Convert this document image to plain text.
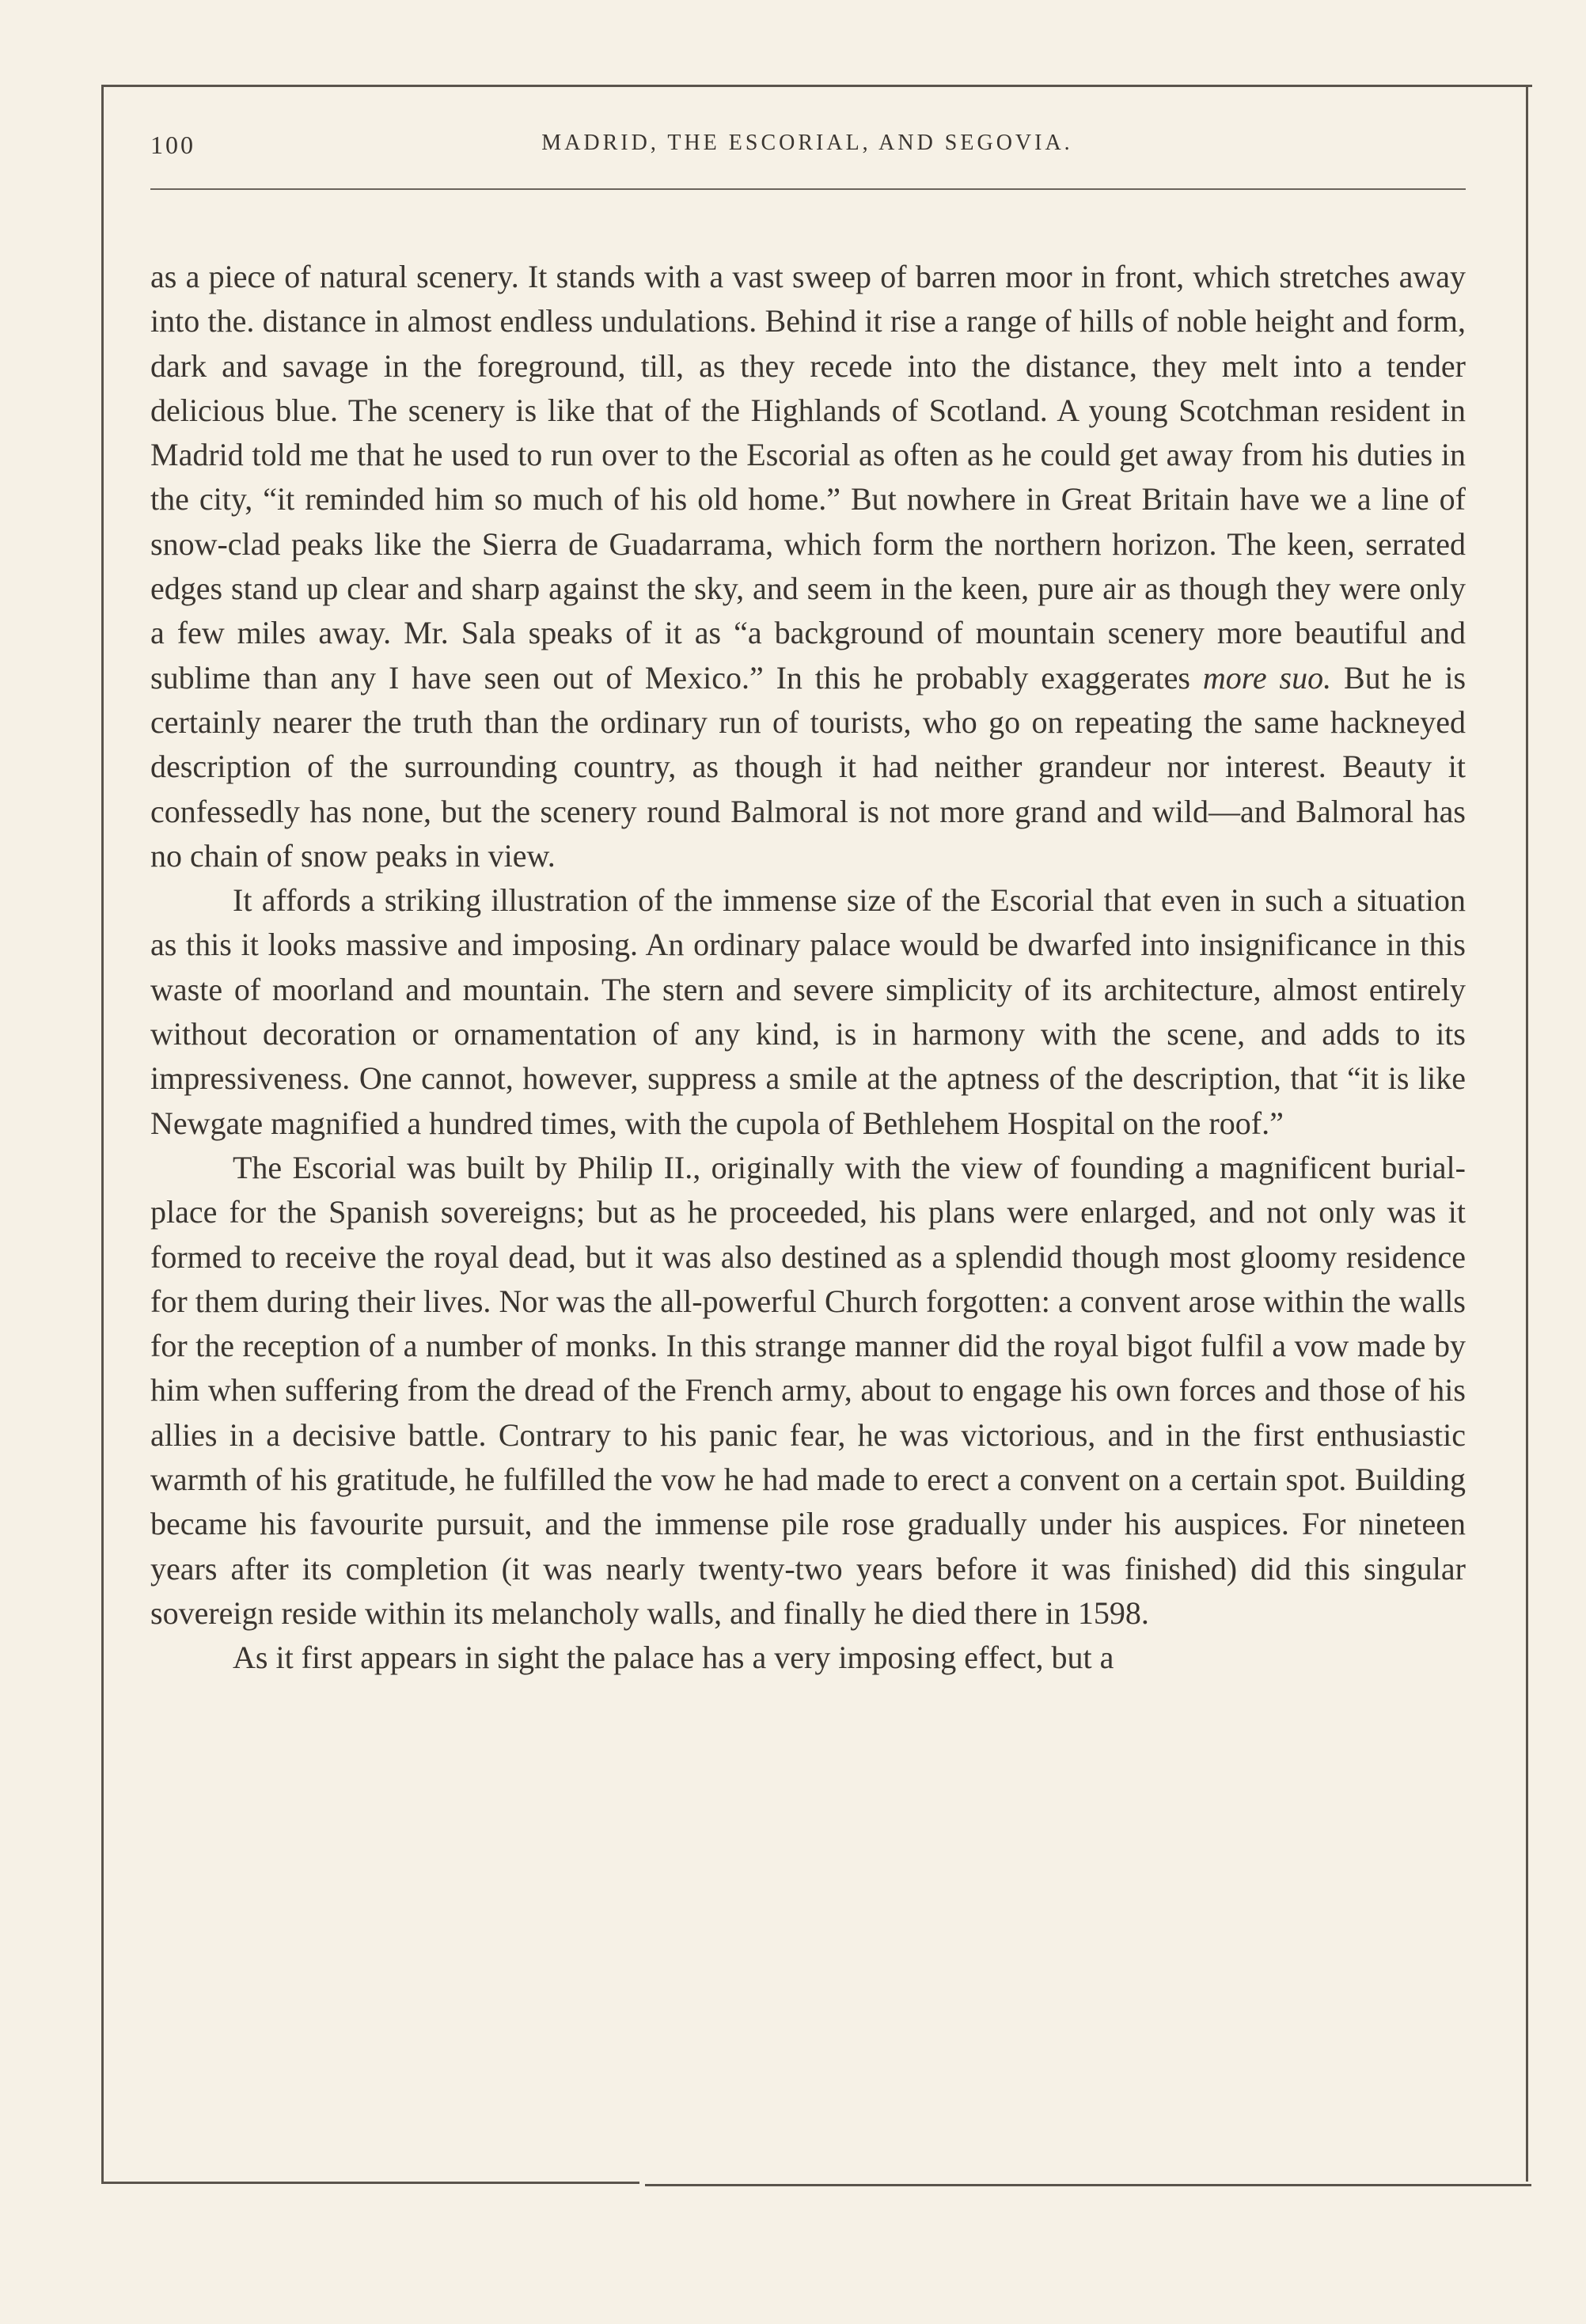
100	MADRID, THE ESCORIAL, AND SEGOVIA.

as a piece of natural scenery. It stands with a vast sweep of barren moor in front, which stretches away into the. distance in almost endless undulations. Behind it rise a range of hills of noble height and form, dark and savage in the foreground, till, as they recede into the distance, they melt into a tender delicious blue. The scenery is like that of the Highlands of Scotland. A young Scotchman resident in Madrid told me that he used to run over to the Escorial as often as he could get away from his duties in the city, “it reminded him so much of his old home.” But nowhere in Great Britain have we a line of snow-clad peaks like the Sierra de Guadarrama, which form the northern horizon. The keen, serrated edges stand up clear and sharp against the sky, and seem in the keen, pure air as though they were only a few miles away. Mr. Sala speaks of it as “a background of mountain scenery more beautiful and sublime than any I have seen out of Mexico.” In this he probably exaggerates more suo. But he is certainly nearer the truth than the ordinary run of tourists, who go on repeating the same hackneyed description of the surrounding country, as though it had neither grandeur nor interest. Beauty it confessedly has none, but the scenery round Balmoral is not more grand and wild—and Balmoral has no chain of snow peaks in view.

It affords a striking illustration of the immense size of the Escorial that even in such a situation as this it looks massive and imposing. An ordinary palace would be dwarfed into insignificance in this waste of moorland and mountain. The stern and severe simplicity of its architecture, almost entirely without decoration or ornamentation of any kind, is in harmony with the scene, and adds to its impressiveness. One cannot, however, suppress a smile at the aptness of the description, that “it is like Newgate magnified a hundred times, with the cupola of Bethlehem Hospital on the roof.”

The Escorial was built by Philip II., originally with the view of founding a magnificent burial-place for the Spanish sovereigns; but as he proceeded, his plans were enlarged, and not only was it formed to receive the royal dead, but it was also destined as a splendid though most gloomy residence for them during their lives. Nor was the all-powerful Church forgotten: a convent arose within the walls for the reception of a number of monks. In this strange manner did the royal bigot fulfil a vow made by him when suffering from the dread of the French army, about to engage his own forces and those of his allies in a decisive battle. Contrary to his panic fear, he was victorious, and in the first enthusiastic warmth of his gratitude, he fulfilled the vow he had made to erect a convent on a certain spot. Building became his favourite pursuit, and the immense pile rose gradually under his auspices. For nineteen years after its completion (it was nearly twenty-two years before it was finished) did this singular sovereign reside within its melancholy walls, and finally he died there in 1598.

As it first appears in sight the palace has a very imposing effect, but a
